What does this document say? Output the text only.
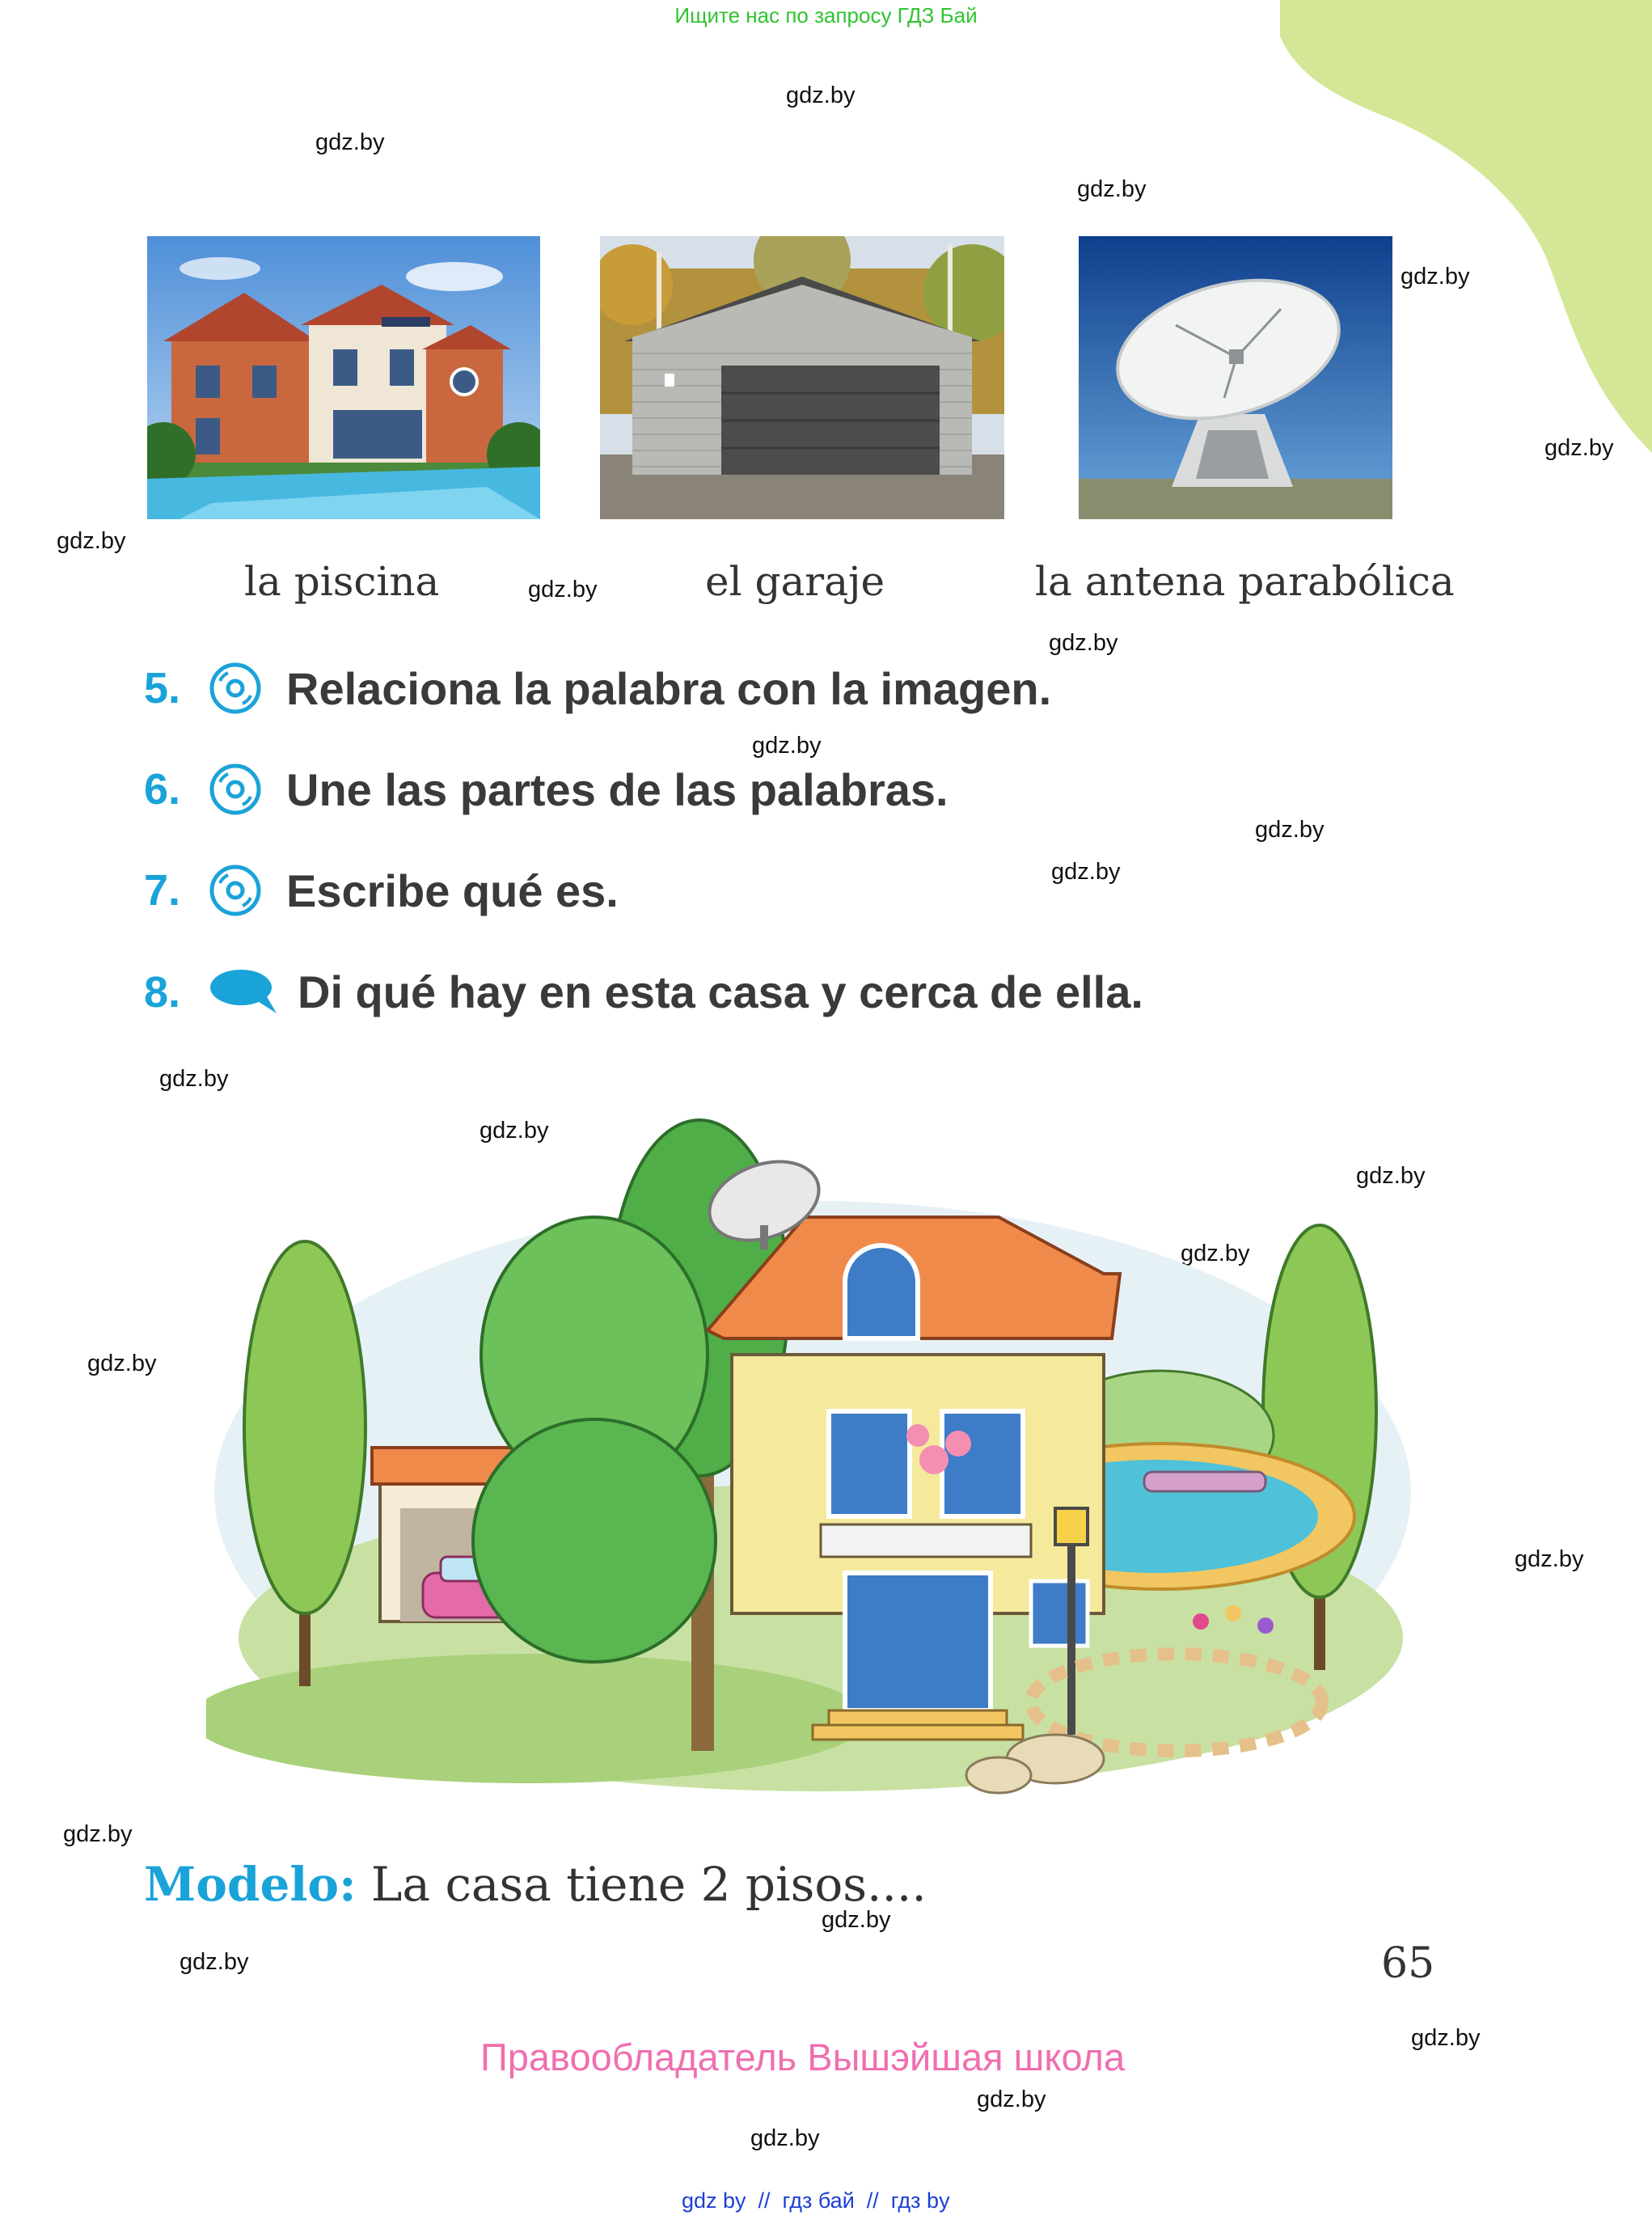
Ищите нас по запросу ГДЗ Бай
gdz.by
gdz.by
gdz.by
gdz.by
gdz.by
gdz.by
gdz.by
gdz.by
gdz.by
gdz.by
gdz.by
gdz.by
gdz.by
gdz.by
gdz.by
gdz.by
gdz.by
gdz.by
gdz.by
gdz.by
gdz.by
gdz.by
gdz.by
la piscina	el garaje	la antena parabólica
5.	Relaciona la palabra con la imagen.
6.	Une las partes de las palabras.
7.	Escribe qué es.
8.	Di qué hay en esta casa y cerca de ella.
Modelo: La casa tiene 2 pisos....
65
Правообладатель Вышэйшая школа
gdz by  //  гдз бай  //  гдз by
